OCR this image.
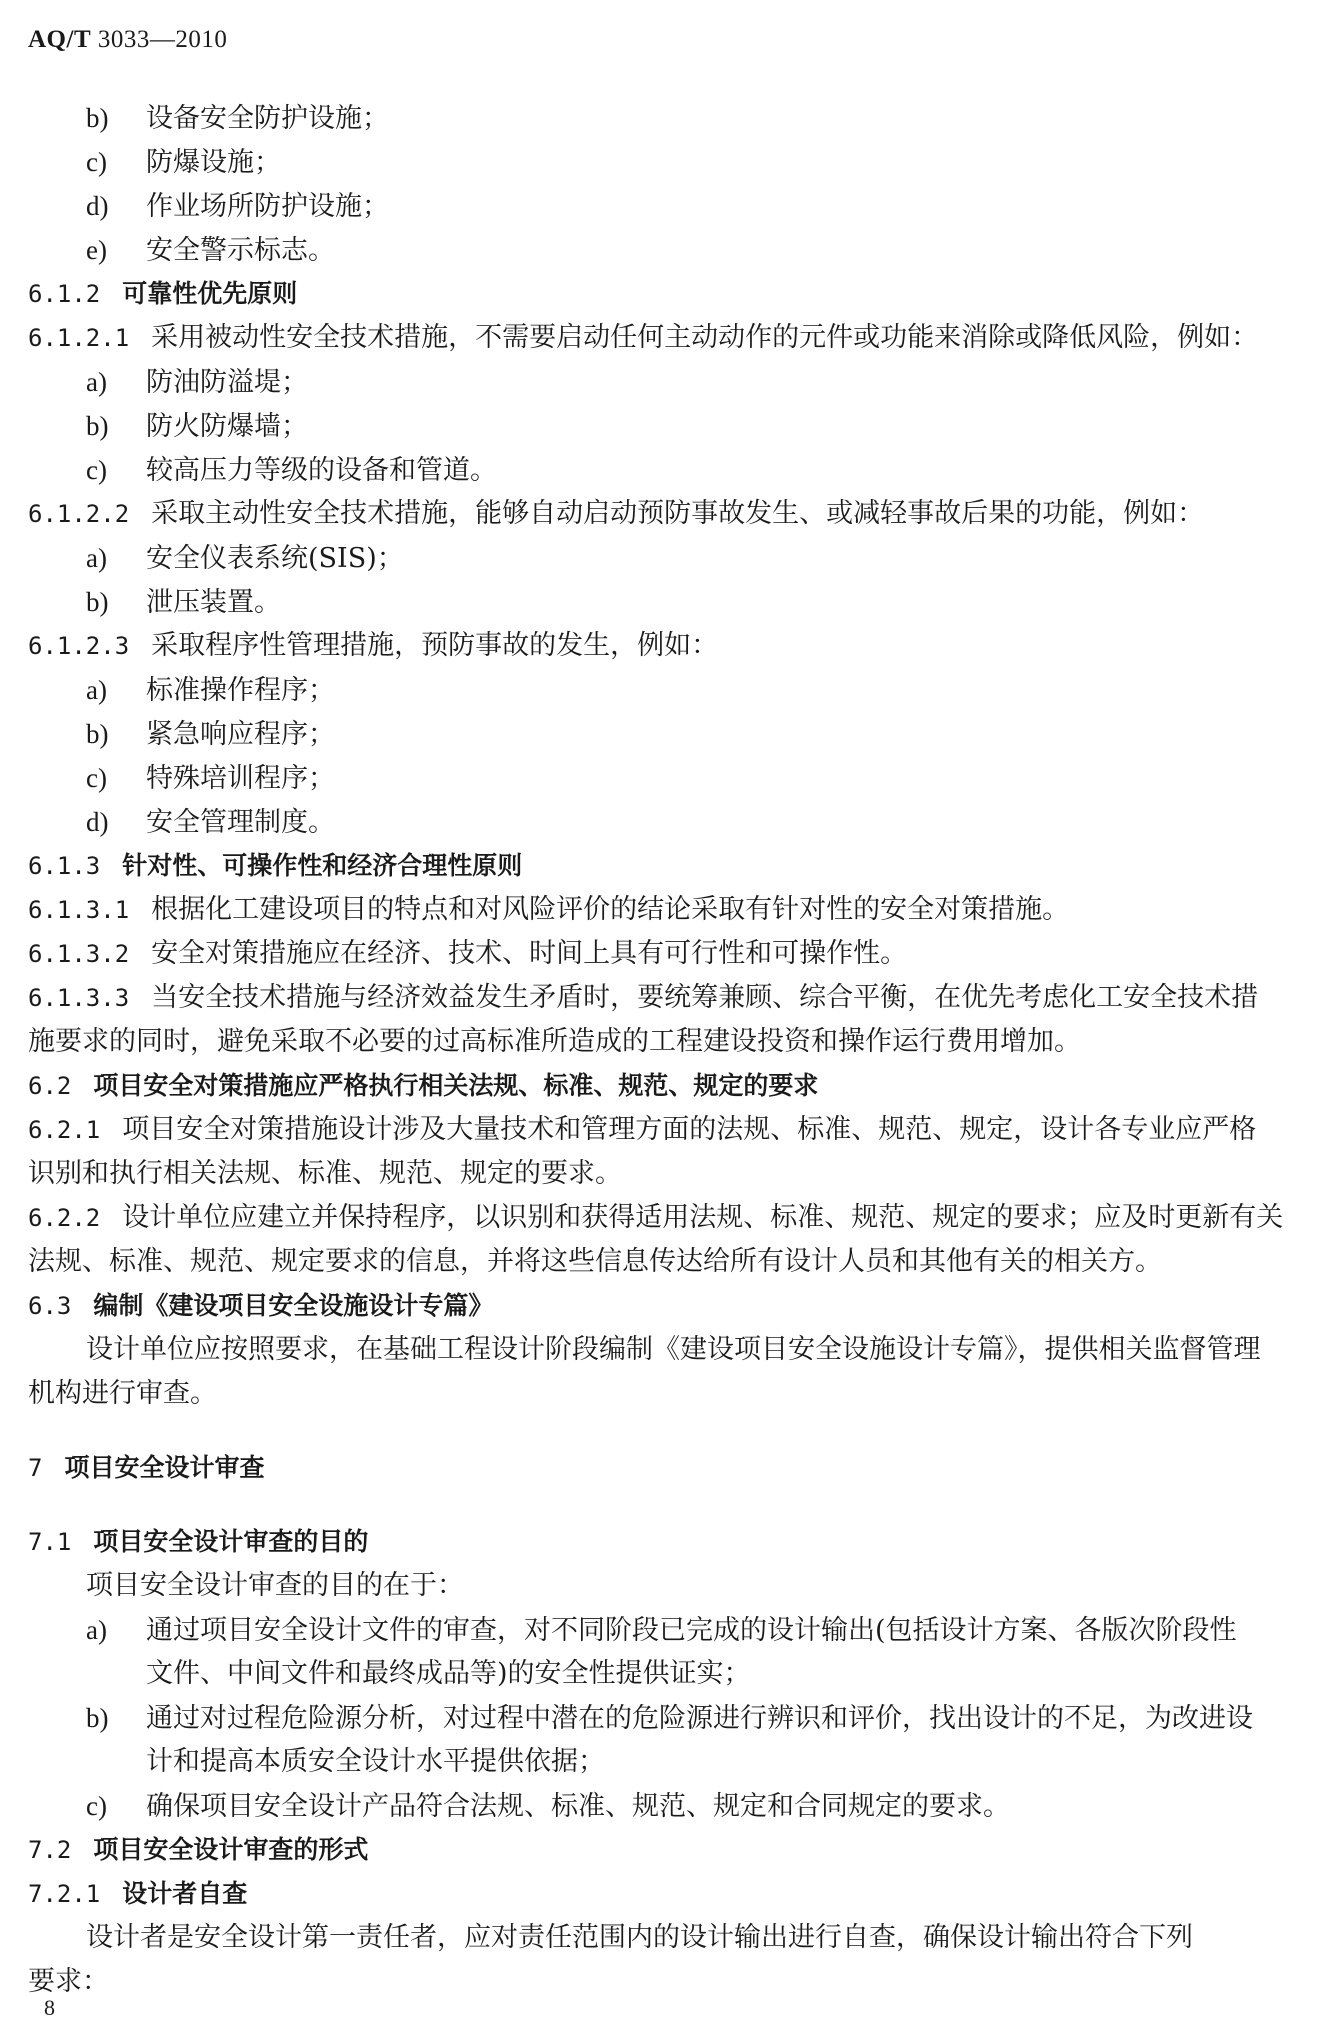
AQ/T 3033—2010
b) 设备安全防护设施；
c) 防爆设施；
d) 作业场所防护设施；
e) 安全警示标志。
6.1.2 可靠性优先原则
6.1.2.1 采用被动性安全技术措施，不需要启动任何主动动作的元件或功能来消除或降低风险，例如：
a) 防油防溢堤；
b) 防火防爆墙；
c) 较高压力等级的设备和管道。
6.1.2.2 采取主动性安全技术措施，能够自动启动预防事故发生、或减轻事故后果的功能，例如：
a) 安全仪表系统(SIS)；
b) 泄压装置。
6.1.2.3 采取程序性管理措施，预防事故的发生，例如：
a) 标准操作程序；
b) 紧急响应程序；
c) 特殊培训程序；
d) 安全管理制度。
6.1.3 针对性、可操作性和经济合理性原则
6.1.3.1 根据化工建设项目的特点和对风险评价的结论采取有针对性的安全对策措施。
6.1.3.2 安全对策措施应在经济、技术、时间上具有可行性和可操作性。
6.1.3.3 当安全技术措施与经济效益发生矛盾时，要统筹兼顾、综合平衡，在优先考虑化工安全技术措
施要求的同时，避免采取不必要的过高标准所造成的工程建设投资和操作运行费用增加。
6.2 项目安全对策措施应严格执行相关法规、标准、规范、规定的要求
6.2.1 项目安全对策措施设计涉及大量技术和管理方面的法规、标准、规范、规定，设计各专业应严格
识别和执行相关法规、标准、规范、规定的要求。
6.2.2 设计单位应建立并保持程序，以识别和获得适用法规、标准、规范、规定的要求；应及时更新有关
法规、标准、规范、规定要求的信息，并将这些信息传达给所有设计人员和其他有关的相关方。
6.3 编制《建设项目安全设施设计专篇》
设计单位应按照要求，在基础工程设计阶段编制《建设项目安全设施设计专篇》，提供相关监督管理
机构进行审查。
7 项目安全设计审查
7.1 项目安全设计审查的目的
项目安全设计审查的目的在于：
a) 通过项目安全设计文件的审查，对不同阶段已完成的设计输出(包括设计方案、各版次阶段性
文件、中间文件和最终成品等)的安全性提供证实；
b) 通过对过程危险源分析，对过程中潜在的危险源进行辨识和评价，找出设计的不足，为改进设
计和提高本质安全设计水平提供依据；
c) 确保项目安全设计产品符合法规、标准、规范、规定和合同规定的要求。
7.2 项目安全设计审查的形式
7.2.1 设计者自查
设计者是安全设计第一责任者，应对责任范围内的设计输出进行自查，确保设计输出符合下列
要求：
8
